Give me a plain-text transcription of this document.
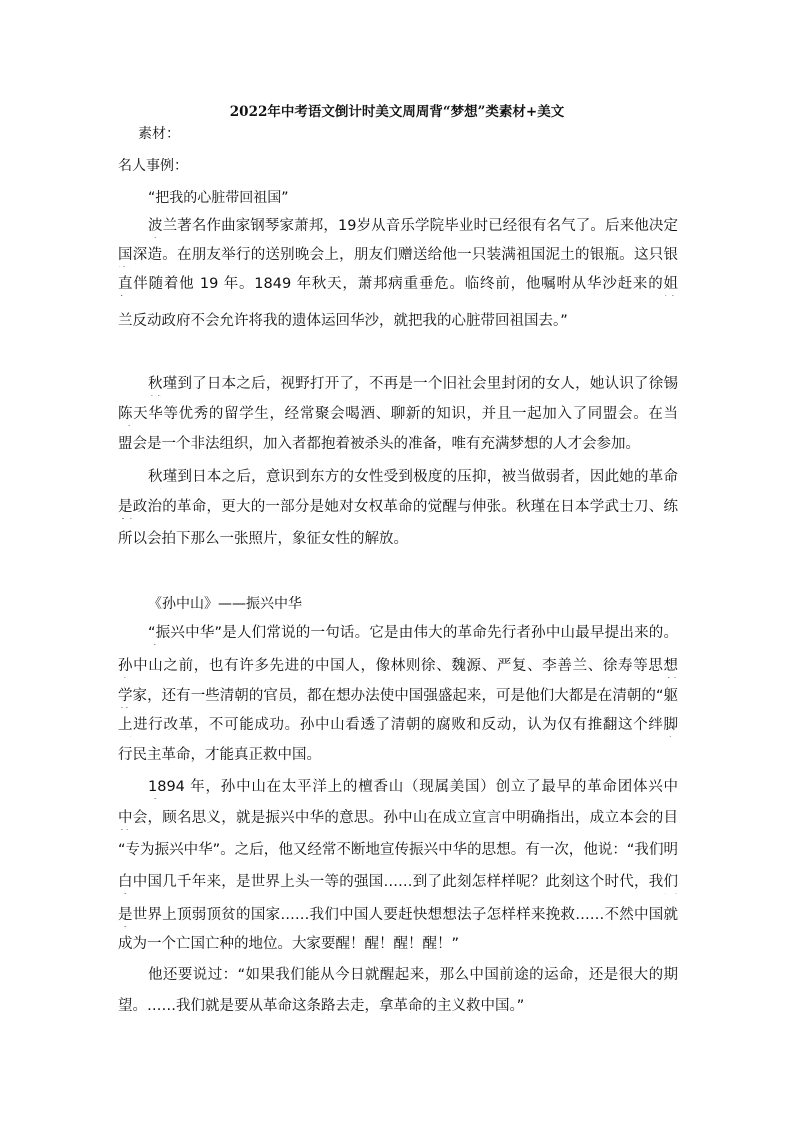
2022年中考语文倒计时美文周周背“梦想”类素材+美文
素材：
名人事例：
“把我的心脏带回祖国”
波兰著名作曲家钢琴家萧邦，19岁从音乐学院毕业时已经很有名气了。后来他决定
国深造。在朋友举行的送别晚会上，朋友们赠送给他一只装满祖国泥土的银瓶。这只银
直伴随着他 19 年。1849 年秋天，萧邦病重垂危。临终前，他嘱咐从华沙赶来的姐
兰反动政府不会允许将我的遗体运回华沙，就把我的心脏带回祖国去。”
秋瑾到了日本之后，视野打开了，不再是一个旧社会里封闭的女人，她认识了徐锡
陈天华等优秀的留学生，经常聚会喝酒、聊新的知识，并且一起加入了同盟会。在当
盟会是一个非法组织，加入者都抱着被杀头的准备，唯有充满梦想的人才会参加。
秋瑾到日本之后，意识到东方的女性受到极度的压抑，被当做弱者，因此她的革命
是政治的革命，更大的一部分是她对女权革命的觉醒与伸张。秋瑾在日本学武士刀、练
所以会拍下那么一张照片，象征女性的解放。
《孙中山》——振兴中华
“振兴中华”是人们常说的一句话。它是由伟大的革命先行者孙中山最早提出来的。
孙中山之前，也有许多先进的中国人，像林则徐、魏源、严复、李善兰、徐寿等思想
学家，还有一些清朝的官员，都在想办法使中国强盛起来，可是他们大都是在清朝的“躯
上进行改革，不可能成功。孙中山看透了清朝的腐败和反动，认为仅有推翻这个绊脚
行民主革命，才能真正救中国。
1894 年，孙中山在太平洋上的檀香山（现属美国）创立了最早的革命团体兴中
中会，顾名思义，就是振兴中华的意思。孙中山在成立宣言中明确指出，成立本会的目
“专为振兴中华”。之后，他又经常不断地宣传振兴中华的思想。有一次，他说：“我们明
白中国几千年来，是世界上头一等的强国……到了此刻怎样样呢？此刻这个时代，我们
是世界上顶弱顶贫的国家……我们中国人要赶快想想法子怎样样来挽救……不然中国就
成为一个亡国亡种的地位。大家要醒！醒！醒！醒！”
他还要说过：“如果我们能从今日就醒起来，那么中国前途的运命，还是很大的期
望。……我们就是要从革命这条路去走，拿革命的主义救中国。”
